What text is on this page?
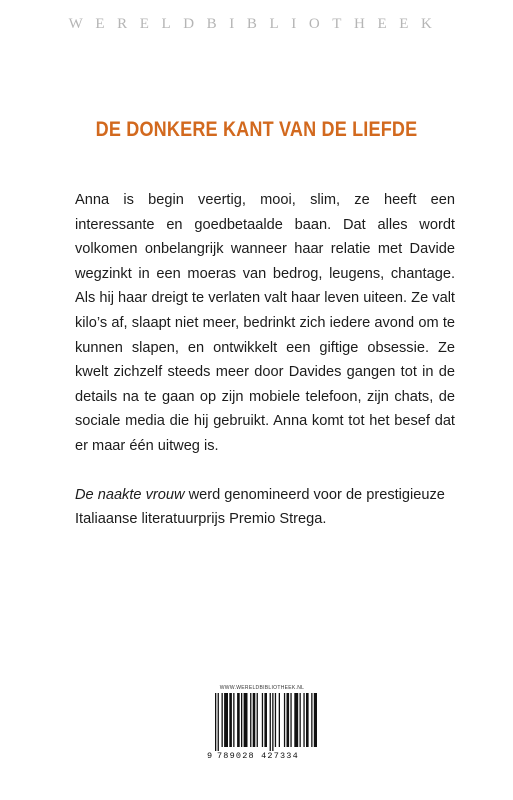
WERELDBIBLIOTHEEK
DE DONKERE KANT VAN DE LIEFDE

Anna is begin veertig, mooi, slim, ze heeft een interessante en goedbetaalde baan. Dat alles wordt volkomen onbelangrijk wanneer haar relatie met Davide wegzinkt in een moeras van bedrog, leugens, chantage. Als hij haar dreigt te verlaten valt haar leven uiteen. Ze valt kilo’s af, slaapt niet meer, bedrinkt zich iedere avond om te kunnen slapen, en ontwikkelt een giftige obsessie. Ze kwelt zichzelf steeds meer door Davides gangen tot in de details na te gaan op zijn mobiele telefoon, zijn chats, de sociale media die hij gebruikt. Anna komt tot het besef dat er maar één uitweg is.

De naakte vrouw werd genomineerd voor de prestigieuze Italiaanse literatuurprijs Premio Strega.

WWW.WERELDBIBLIOTHEEK.NL
9 789028 427334
